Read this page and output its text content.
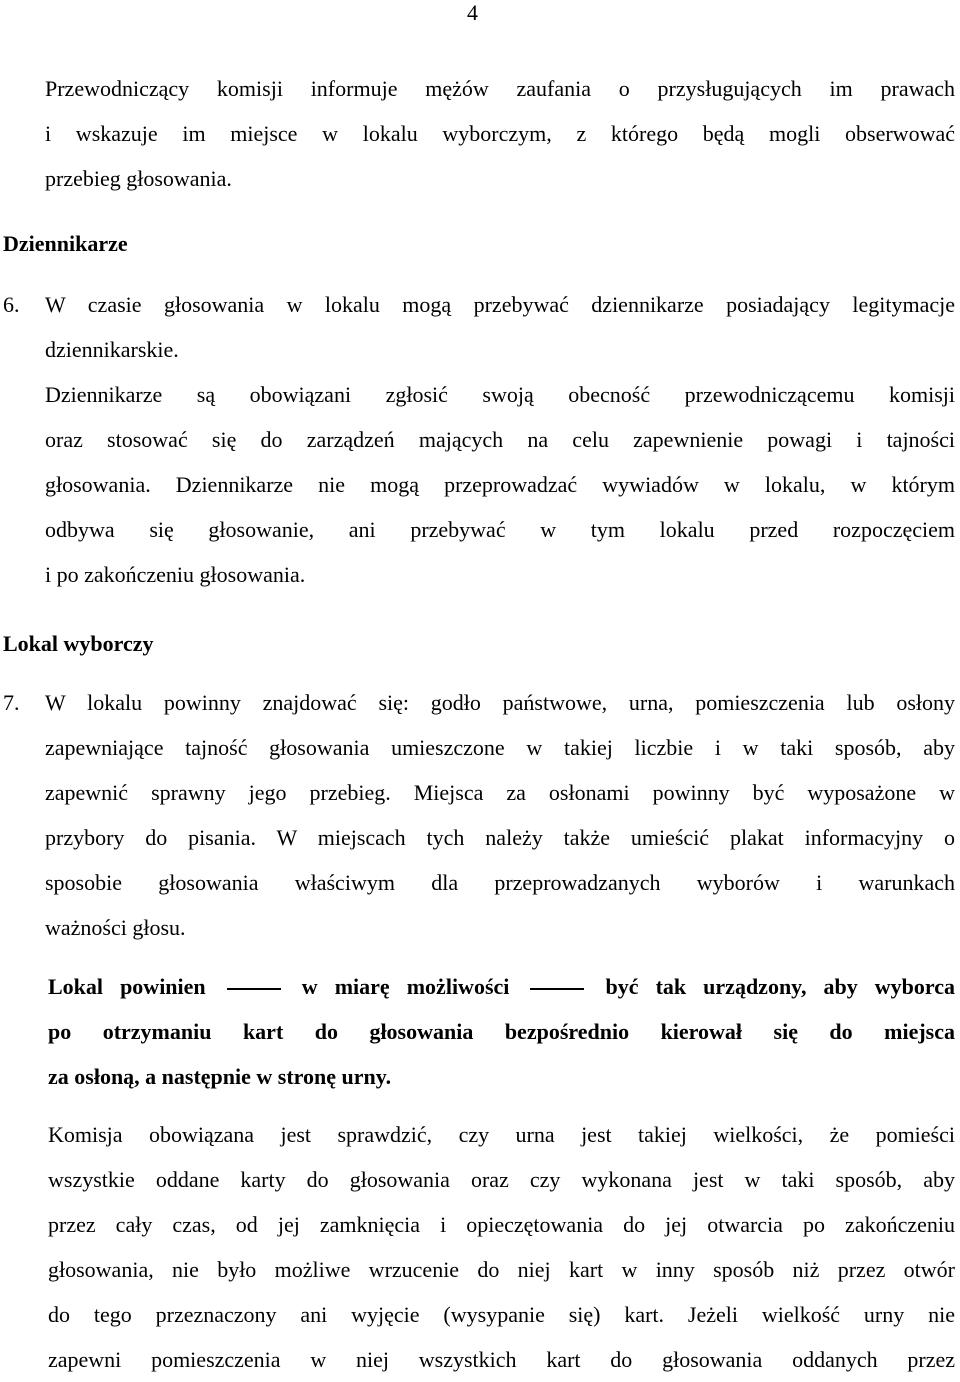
4
Przewodniczący komisji informuje mężów zaufania o przysługujących im prawach
i wskazuje im miejsce w lokalu wyborczym, z którego będą mogli obserwować
przebieg głosowania.
Dziennikarze
6.	W czasie głosowania w lokalu mogą przebywać dziennikarze posiadający legitymacje
dziennikarskie.
Dziennikarze są obowiązani zgłosić swoją obecność przewodniczącemu komisji
oraz stosować się do zarządzeń mających na celu zapewnienie powagi i tajności
głosowania. Dziennikarze nie mogą przeprowadzać wywiadów w lokalu, w którym
odbywa się głosowanie, ani przebywać w tym lokalu przed rozpoczęciem
i po zakończeniu głosowania.
Lokal wyborczy
7. W lokalu powinny znajdować się: godło państwowe, urna, pomieszczenia lub osłony
zapewniające tajność głosowania umieszczone w takiej liczbie i w taki sposób, aby
zapewnić sprawny jego przebieg. Miejsca za osłonami powinny być wyposażone w
przybory do pisania. W miejscach tych należy także umieścić plakat informacyjny o
sposobie głosowania właściwym dla przeprowadzanych wyborów i warunkach
ważności głosu.
Lokal powinien	w miarę możliwości	być tak urządzony, aby wyborca
po otrzymaniu kart do głosowania bezpośrednio kierował się do miejsca
za osłoną, a następnie w stronę urny.
Komisja obowiązana jest sprawdzić, czy urna jest takiej wielkości, że pomieści
wszystkie oddane karty do głosowania oraz czy wykonana jest w taki sposób, aby
przez cały czas, od jej zamknięcia i opieczętowania do jej otwarcia po zakończeniu
głosowania, nie było możliwe wrzucenie do niej kart w inny sposób niż przez otwór
do tego przeznaczony ani wyjęcie (wysypanie się) kart. Jeżeli wielkość urny nie
zapewni pomieszczenia w niej wszystkich kart do głosowania oddanych przez
